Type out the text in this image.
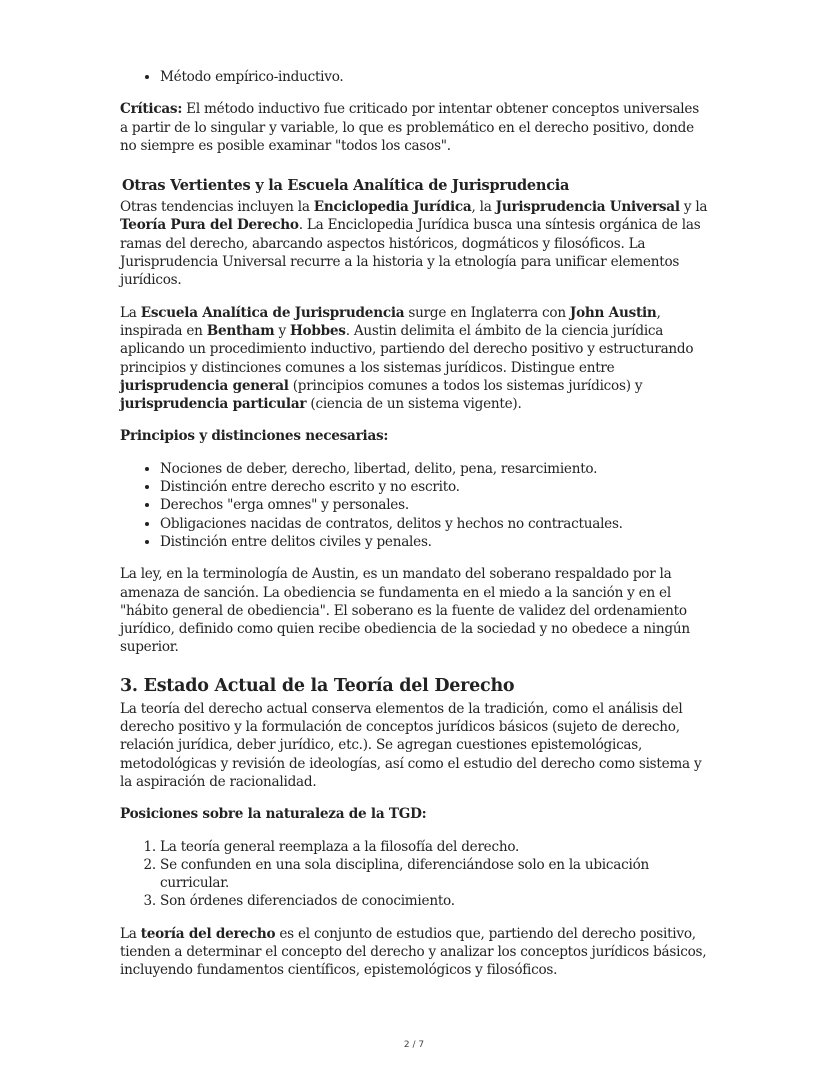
• Método empírico-inductivo.

Críticas: El método inductivo fue criticado por intentar obtener conceptos universales a partir de lo singular y variable, lo que es problemático en el derecho positivo, donde no siempre es posible examinar "todos los casos".

Otras Vertientes y la Escuela Analítica de Jurisprudencia

Otras tendencias incluyen la Enciclopedia Jurídica, la Jurisprudencia Universal y la Teoría Pura del Derecho. La Enciclopedia Jurídica busca una síntesis orgánica de las ramas del derecho, abarcando aspectos históricos, dogmáticos y filosóficos. La Jurisprudencia Universal recurre a la historia y la etnología para unificar elementos jurídicos.

La Escuela Analítica de Jurisprudencia surge en Inglaterra con John Austin, inspirada en Bentham y Hobbes. Austin delimita el ámbito de la ciencia jurídica aplicando un procedimiento inductivo, partiendo del derecho positivo y estructurando principios y distinciones comunes a los sistemas jurídicos. Distingue entre jurisprudencia general (principios comunes a todos los sistemas jurídicos) y jurisprudencia particular (ciencia de un sistema vigente).

Principios y distinciones necesarias:

• Nociones de deber, derecho, libertad, delito, pena, resarcimiento.
• Distinción entre derecho escrito y no escrito.
• Derechos "erga omnes" y personales.
• Obligaciones nacidas de contratos, delitos y hechos no contractuales.
• Distinción entre delitos civiles y penales.

La ley, en la terminología de Austin, es un mandato del soberano respaldado por la amenaza de sanción. La obediencia se fundamenta en el miedo a la sanción y en el "hábito general de obediencia". El soberano es la fuente de validez del ordenamiento jurídico, definido como quien recibe obediencia de la sociedad y no obedece a ningún superior.

3. Estado Actual de la Teoría del Derecho

La teoría del derecho actual conserva elementos de la tradición, como el análisis del derecho positivo y la formulación de conceptos jurídicos básicos (sujeto de derecho, relación jurídica, deber jurídico, etc.). Se agregan cuestiones epistemológicas, metodológicas y revisión de ideologías, así como el estudio del derecho como sistema y la aspiración de racionalidad.

Posiciones sobre la naturaleza de la TGD:

1. La teoría general reemplaza a la filosofía del derecho.
2. Se confunden en una sola disciplina, diferenciándose solo en la ubicación curricular.
3. Son órdenes diferenciados de conocimiento.

La teoría del derecho es el conjunto de estudios que, partiendo del derecho positivo, tienden a determinar el concepto del derecho y analizar los conceptos jurídicos básicos, incluyendo fundamentos científicos, epistemológicos y filosóficos.

2 / 7
